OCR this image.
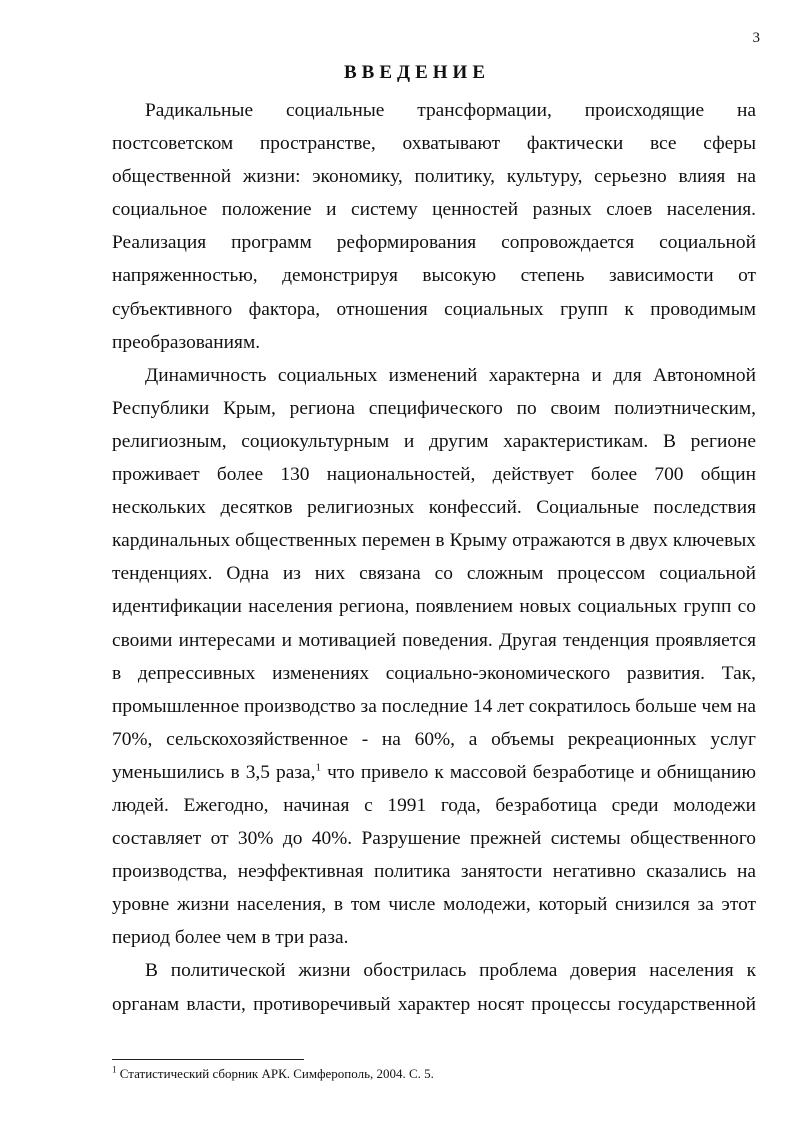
3
ВВЕДЕНИЕ
Радикальные социальные трансформации, происходящие на
постсоветском пространстве, охватывают фактически все сферы
общественной жизни: экономику, политику, культуру, серьезно влияя на
социальное положение и систему ценностей разных слоев населения.
Реализация программ реформирования сопровождается социальной
напряженностью, демонстрируя высокую степень зависимости от
субъективного фактора, отношения социальных групп к проводимым
преобразованиям.
Динамичность социальных изменений характерна и для Автономной
Республики Крым, региона специфического по своим полиэтническим,
религиозным, социокультурным и другим характеристикам. В регионе
проживает более 130 национальностей, действует более 700 общин
нескольких десятков религиозных конфессий. Социальные последствия
кардинальных общественных перемен в Крыму отражаются в двух ключевых
тенденциях. Одна из них связана со сложным процессом социальной
идентификации населения региона, появлением новых социальных групп со
своими интересами и мотивацией поведения. Другая тенденция проявляется
в депрессивных изменениях социально-экономического развития. Так,
промышленное производство за последние 14 лет сократилось больше чем на
70%, сельскохозяйственное - на 60%, а объемы рекреационных услуг
уменьшились в 3,5 раза,$^1$ что привело к массовой безработице и обнищанию
людей. Ежегодно, начиная с 1991 года, безработица среди молодежи
составляет от 30% до 40%. Разрушение прежней системы общественного
производства, неэффективная политика занятости негативно сказались на
уровне жизни населения, в том числе молодежи, который снизился за этот
период более чем в три раза.
В политической жизни обострилась проблема доверия населения к
органам власти, противоречивый характер носят процессы государственной
$^1$ Статистический сборник АРК. Симферополь, 2004. С. 5.
